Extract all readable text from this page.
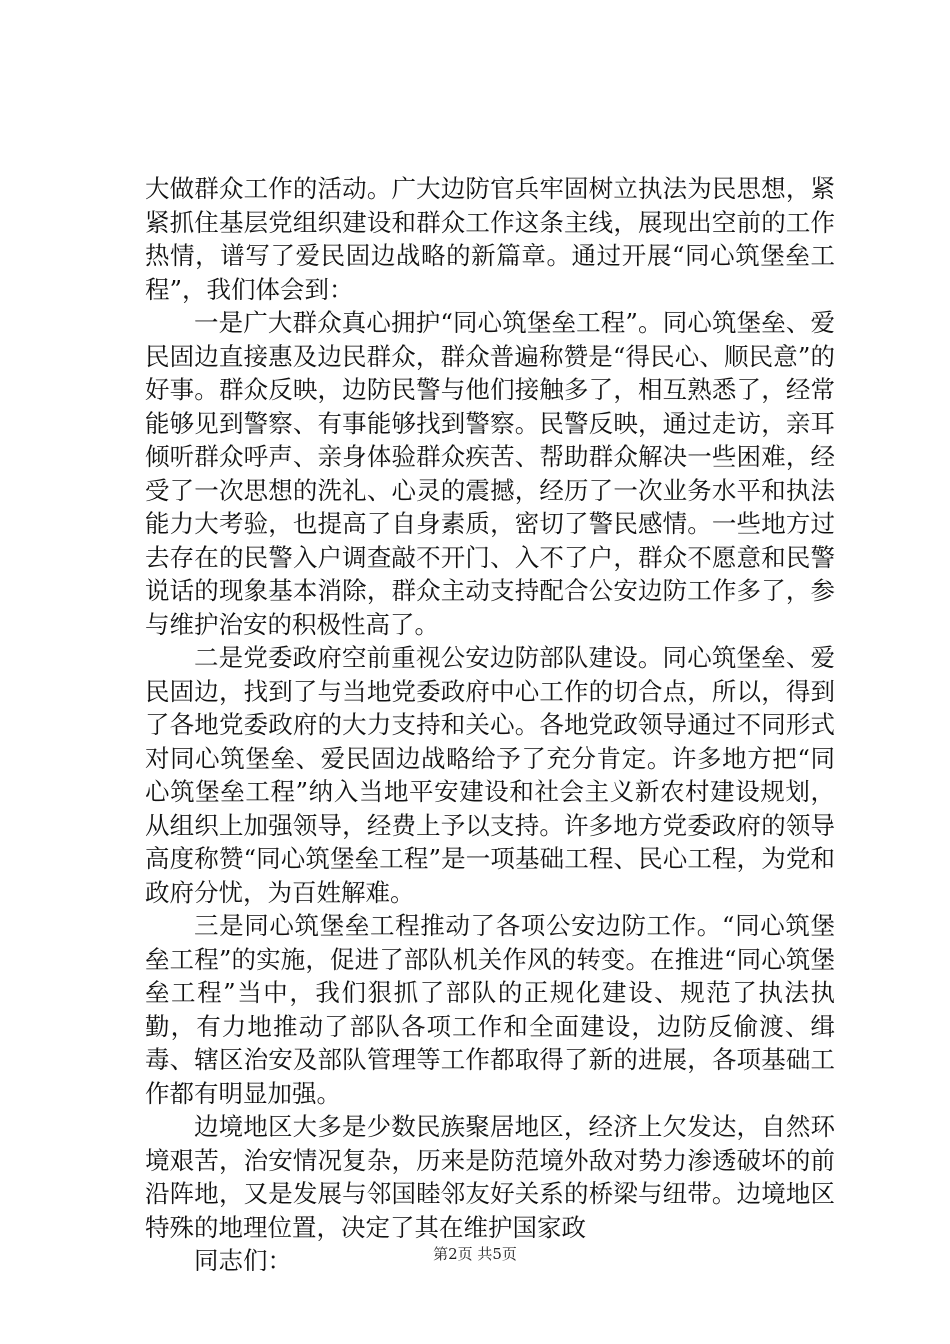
大做群众工作的活动。广大边防官兵牢固树立执法为民思想，紧紧抓住基层党组织建设和群众工作这条主线，展现出空前的工作热情，谱写了爱民固边战略的新篇章。通过开展“同心筑堡垒工程”，我们体会到：

一是广大群众真心拥护“同心筑堡垒工程”。同心筑堡垒、爱民固边直接惠及边民群众，群众普遍称赞是“得民心、顺民意”的好事。群众反映，边防民警与他们接触多了，相互熟悉了，经常能够见到警察、有事能够找到警察。民警反映，通过走访，亲耳倾听群众呼声、亲身体验群众疾苦、帮助群众解决一些困难，经受了一次思想的洗礼、心灵的震撼，经历了一次业务水平和执法能力大考验，也提高了自身素质，密切了警民感情。一些地方过去存在的民警入户调查敲不开门、入不了户，群众不愿意和民警说话的现象基本消除，群众主动支持配合公安边防工作多了，参与维护治安的积极性高了。

二是党委政府空前重视公安边防部队建设。同心筑堡垒、爱民固边，找到了与当地党委政府中心工作的切合点，所以，得到了各地党委政府的大力支持和关心。各地党政领导通过不同形式对同心筑堡垒、爱民固边战略给予了充分肯定。许多地方把“同心筑堡垒工程”纳入当地平安建设和社会主义新农村建设规划，从组织上加强领导，经费上予以支持。许多地方党委政府的领导高度称赞“同心筑堡垒工程”是一项基础工程、民心工程，为党和政府分忧，为百姓解难。

三是同心筑堡垒工程推动了各项公安边防工作。“同心筑堡垒工程”的实施，促进了部队机关作风的转变。在推进“同心筑堡垒工程”当中，我们狠抓了部队的正规化建设、规范了执法执勤，有力地推动了部队各项工作和全面建设，边防反偷渡、缉毒、辖区治安及部队管理等工作都取得了新的进展，各项基础工作都有明显加强。

边境地区大多是少数民族聚居地区，经济上欠发达，自然环境艰苦，治安情况复杂，历来是防范境外敌对势力渗透破坏的前沿阵地，又是发展与邻国睦邻友好关系的桥梁与纽带。边境地区特殊的地理位置，决定了其在维护国家政

同志们：	第2页 共5页
